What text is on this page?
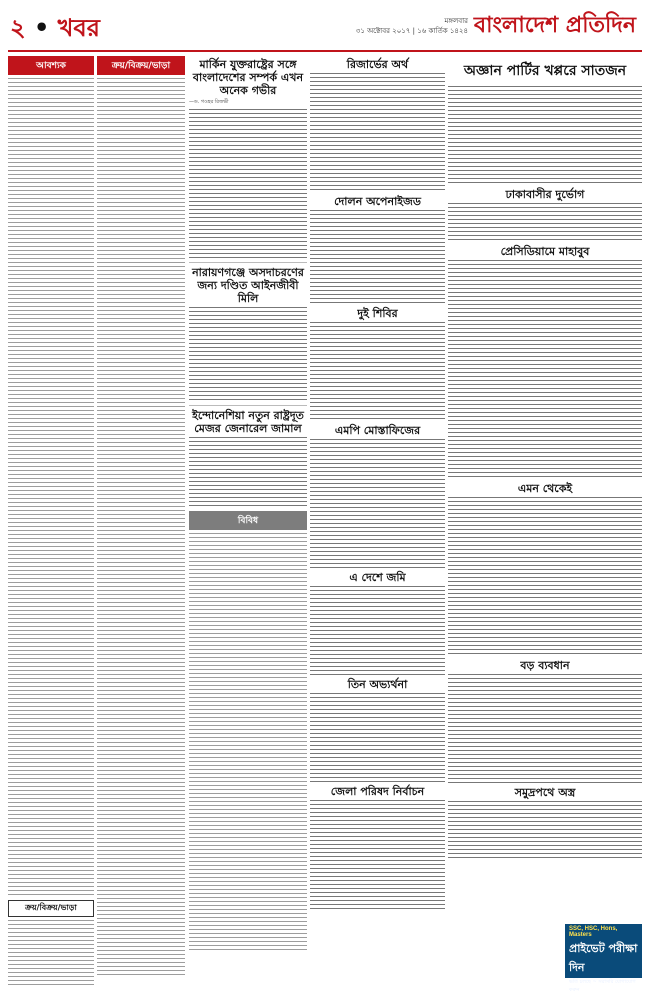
২ • খবর	মঙ্গলবার
৩১ অক্টোবর ২০১৭ | ১৬ কার্তিক ১৪২৪ বাংলাদেশ প্রতিদিন
আবশ্যক
ক্রয়/বিক্রয়/ভাড়া
ক্রয়/বিক্রয়/ভাড়া	মার্কিন যুক্তরাষ্ট্রের সঙ্গে বাংলাদেশের সম্পর্ক এখন অনেক গভীর
—ড. গওহর রিজভী
নারায়ণগঞ্জে অসদাচরণের জন্য দণ্ডিত আইনজীবী মিলি
ইন্দোনেশিয়া নতুন রাষ্ট্রদূত মেজর জেনারেল জামাল
বিবিধ
রিজার্ভের অর্থ
দোলন অপেনাইজড
দুই শিবির
এমপি মোস্তাফিজের
এ দেশে জমি
তিন অভ্যর্থনা
জেলা পরিষদ নির্বাচন
অজ্ঞান পার্টির খপ্পরে সাতজন
ঢাকাবাসীর দুর্ভোগ
প্রেসিডিয়ামে মাহাবুব
এমন থেকেই
বড় ব্যবধান
সমুদ্রপথে অস্ত্র
SSC, HSC, Hons, Masters
প্রাইভেট পরীক্ষা দিন
ভর্তি চলছে ~ সরাসরি যোগাযোগ করুন
